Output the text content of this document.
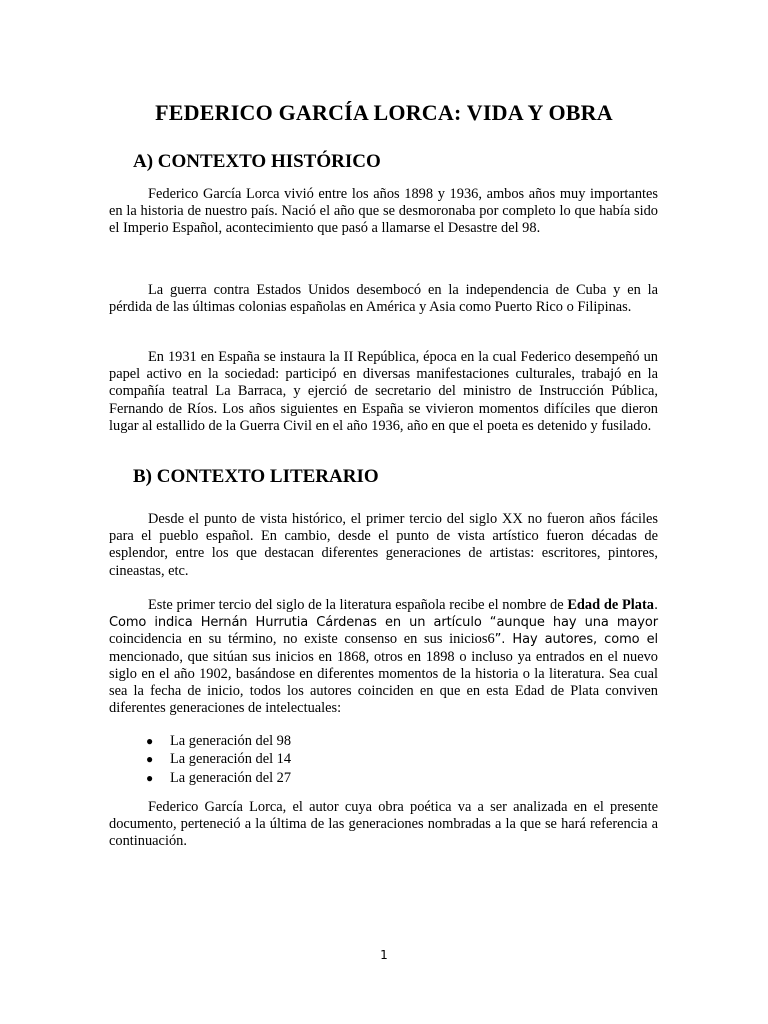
FEDERICO GARCÍA LORCA: VIDA Y OBRA
A) CONTEXTO HISTÓRICO

Federico García Lorca vivió entre los años 1898 y 1936, ambos años muy importantes en la historia de nuestro país. Nació el año que se desmoronaba por completo lo que había sido el Imperio Español, acontecimiento que pasó a llamarse el Desastre del 98.

La guerra contra Estados Unidos desembocó en la independencia de Cuba y en la pérdida de las últimas colonias españolas en América y Asia como Puerto Rico o Filipinas.

En 1931 en España se instaura la II República, época en la cual Federico desempeñó un papel activo en la sociedad: participó en diversas manifestaciones culturales, trabajó en la compañía teatral La Barraca, y ejerció de secretario del ministro de Instrucción Pública, Fernando de Ríos. Los años siguientes en España se vivieron momentos difíciles que dieron lugar al estallido de la Guerra Civil en el año 1936, año en que el poeta es detenido y fusilado.

B) CONTEXTO LITERARIO

Desde el punto de vista histórico, el primer tercio del siglo XX no fueron años fáciles para el pueblo español. En cambio, desde el punto de vista artístico fueron décadas de esplendor, entre los que destacan diferentes generaciones de artistas: escritores, pintores, cineastas, etc.

Este primer tercio del siglo de la literatura española recibe el nombre de Edad de Plata. Como indica Hernán Hurrutia Cárdenas en un artículo “aunque hay una mayor coincidencia en su término, no existe consenso en sus inicios6”. Hay autores, como el mencionado, que sitúan sus inicios en 1868, otros en 1898 o incluso ya entrados en el nuevo siglo en el año 1902, basándose en diferentes momentos de la historia o la literatura. Sea cual sea la fecha de inicio, todos los autores coinciden en que en esta Edad de Plata conviven diferentes generaciones de intelectuales:

● La generación del 98
● La generación del 14
● La generación del 27

Federico García Lorca, el autor cuya obra poética va a ser analizada en el presente documento, perteneció a la última de las generaciones nombradas a la que se hará referencia a continuación.

1
